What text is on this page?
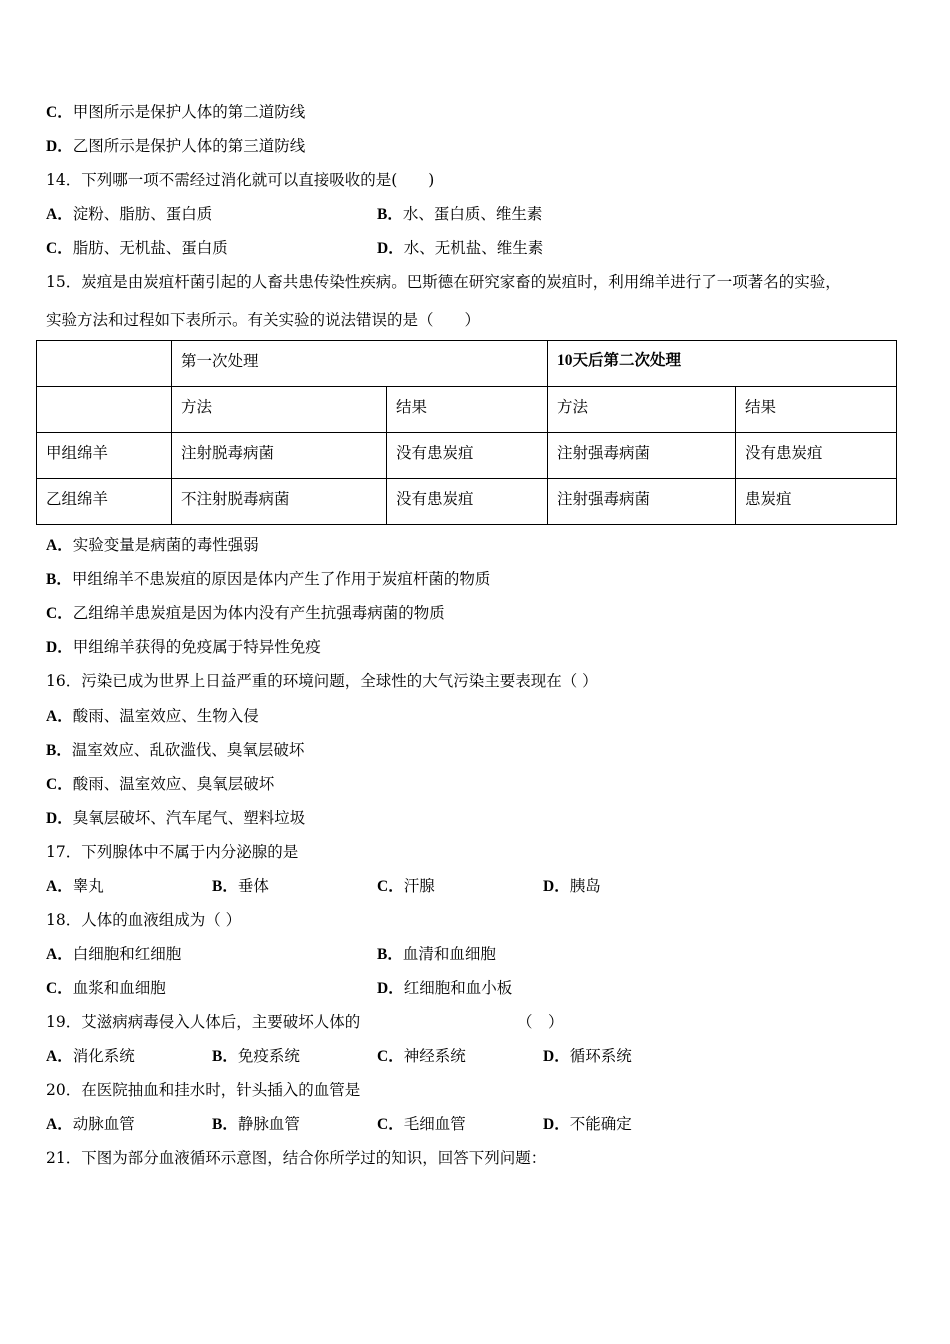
C．甲图所示是保护人体的第二道防线
D．乙图所示是保护人体的第三道防线
14．下列哪一项不需经过消化就可以直接吸收的是(　　)
A．淀粉、脂肪、蛋白质	B．水、蛋白质、维生素
C．脂肪、无机盐、蛋白质	D．水、无机盐、维生素
15．炭疽是由炭疽杆菌引起的人畜共患传染性疾病。巴斯德在研究家畜的炭疽时，利用绵羊进行了一项著名的实验，
实验方法和过程如下表所示。有关实验的说法错误的是（　　）
	第一次处理		10天后第二次处理	
	方法	结果	方法	结果
甲组绵羊	注射脱毒病菌	没有患炭疽	注射强毒病菌	没有患炭疽
乙组绵羊	不注射脱毒病菌	没有患炭疽	注射强毒病菌	患炭疽
A．实验变量是病菌的毒性强弱
B．甲组绵羊不患炭疽的原因是体内产生了作用于炭疽杆菌的物质
C．乙组绵羊患炭疽是因为体内没有产生抗强毒病菌的物质
D．甲组绵羊获得的免疫属于特异性免疫
16．污染已成为世界上日益严重的环境问题，全球性的大气污染主要表现在（ ）
A．酸雨、温室效应、生物入侵
B．温室效应、乱砍滥伐、臭氧层破坏
C．酸雨、温室效应、臭氧层破坏
D．臭氧层破坏、汽车尾气、塑料垃圾
17．下列腺体中不属于内分泌腺的是
A．睾丸	B．垂体	C．汗腺	D．胰岛
18．人体的血液组成为（ ）
A．白细胞和红细胞	B．血清和血细胞
C．血浆和血细胞	D．红细胞和血小板
19．艾滋病病毒侵入人体后，主要破坏人体的	（　）
A．消化系统	B．免疫系统	C．神经系统	D．循环系统
20．在医院抽血和挂水时，针头插入的血管是
A．动脉血管	B．静脉血管	C．毛细血管	D．不能确定
21．下图为部分血液循环示意图，结合你所学过的知识，回答下列问题：
